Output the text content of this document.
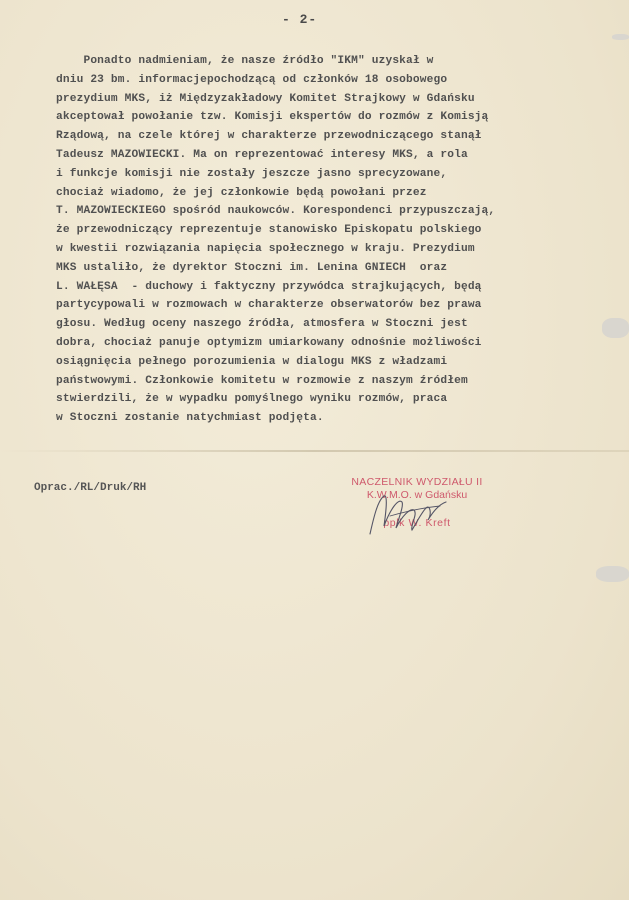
- 2-
Ponadto nadmieniam, że nasze źródło "IKM" uzyskał w
dniu 23 bm. informacjepochodzącą od członków 18 osobowego
prezydium MKS, iż Międzyzakładowy Komitet Strajkowy w Gdańsku
akceptował powołanie tzw. Komisji ekspertów do rozmów z Komisją
Rządową, na czele której w charakterze przewodniczącego stanął
Tadeusz MAZOWIECKI. Ma on reprezentować interesy MKS, a rola
i funkcje komisji nie zostały jeszcze jasno sprecyzowane,
chociaż wiadomo, że jej członkowie będą powołani przez
T. MAZOWIECKIEGO spośród naukowców. Korespondenci przypuszczają,
że przewodniczący reprezentuje stanowisko Episkopatu polskiego
w kwestii rozwiązania napięcia społecznego w kraju. Prezydium
MKS ustaliło, że dyrektor Stoczni im. Lenina GNIECH  oraz
L. WAŁĘSA  - duchowy i faktyczny przywódca strajkujących, będą
partycypowali w rozmowach w charakterze obserwatorów bez prawa
głosu. Według oceny naszego źródła, atmosfera w Stoczni jest
dobra, chociaż panuje optymizm umiarkowany odnośnie możliwości
osiągnięcia pełnego porozumienia w dialogu MKS z władzami
państwowymi. Członkowie komitetu w rozmowie z naszym źródłem
stwierdzili, że w wypadku pomyślnego wyniku rozmów, praca
w Stoczni zostanie natychmiast podjęta.
Oprac./RL/Druk/RH	NACZELNIK WYDZIAŁU II
K.W.M.O. w Gdańsku
ppłk W. Kreft
